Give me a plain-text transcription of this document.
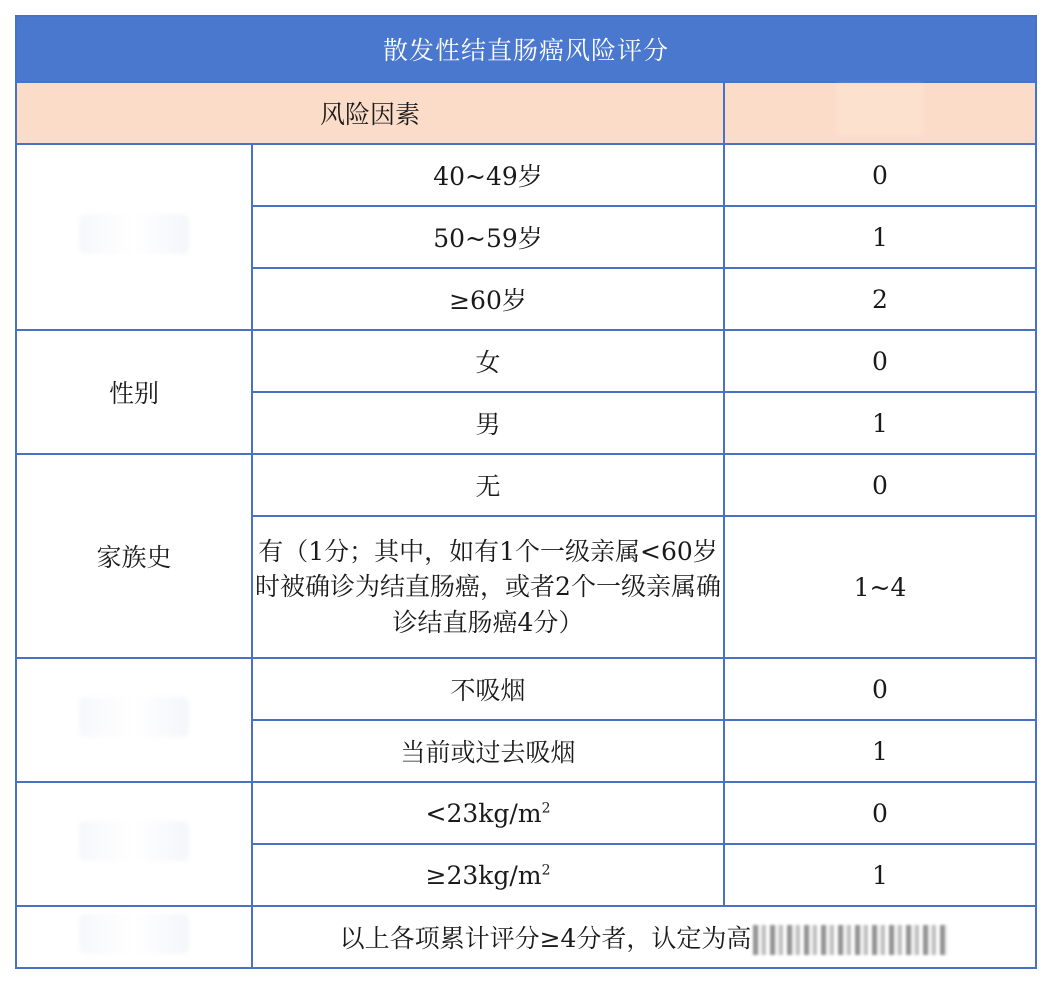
散发性结直肠癌风险评分		
风险因素		
	40~49岁	0
	50~59岁	1
	≥60岁	2
性别	女	0
	男	1
家族史	无	0
	有（1分；其中，如有1个一级亲属<60岁时被确诊为结直肠癌，或者2个一级亲属确诊结直肠癌4分）	1~4
	不吸烟	0
	当前或过去吸烟	1
	$<23kg/m^2$	0
	$\ge 23kg/m^2$	1
	以上各项累计评分≥4分者，认定为高	
